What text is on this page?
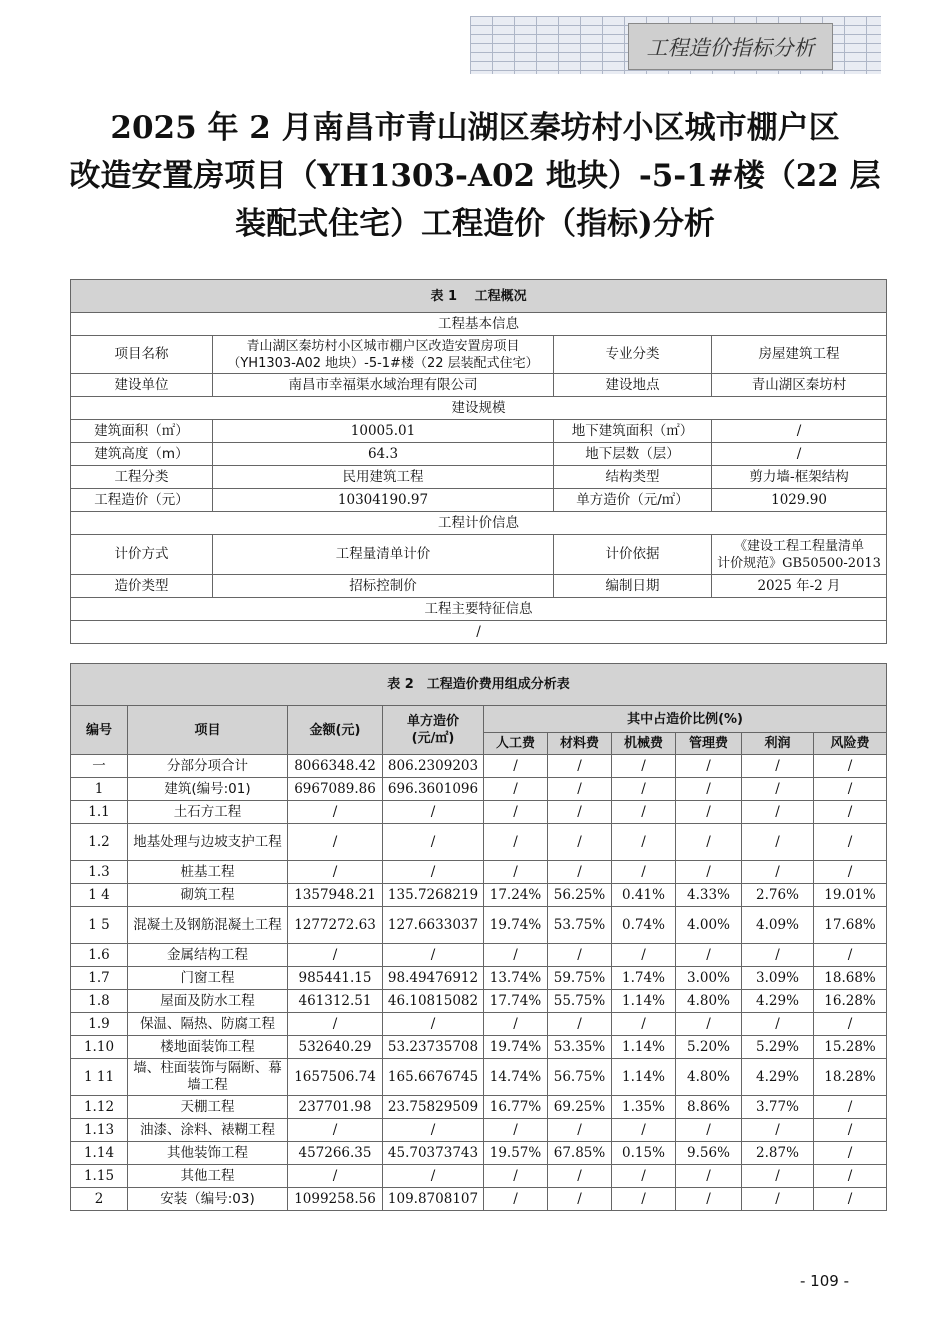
工程造价指标分析
2025 年 2 月南昌市青山湖区秦坊村小区城市棚户区
改造安置房项目（YH1303-A02 地块）-5-1#楼（22 层
装配式住宅）工程造价（指标)分析
表 1　 工程概况			
工程基本信息			
项目名称	青山湖区秦坊村小区城市棚户区改造安置房项目
（YH1303-A02 地块）-5-1#楼（22 层装配式住宅）	专业分类	房屋建筑工程
建设单位	南昌市幸福渠水域治理有限公司	建设地点	青山湖区秦坊村
建设规模			
建筑面积（㎡）	10005.01	地下建筑面积（㎡）	/
建筑高度（m）	64.3	地下层数（层）	/
工程分类	民用建筑工程	结构类型	剪力墙-框架结构
工程造价（元）	10304190.97	单方造价（元/㎡）	1029.90
工程计价信息			
计价方式	工程量清单计价	计价依据	《建设工程工程量清单
计价规范》GB50500-2013

造价类型	招标控制价	编制日期	2025 年-2 月
工程主要特征信息			
/			
表 2　工程造价费用组成分析表									
编号	项目	金额(元)	单方造价
(元/㎡)	其中占造价比例(%)					
				人工费	材料费	机械费	管理费	利润	风险费
一	分部分项合计	8066348.42	806.2309203	/	/	/	/	/	/
1	建筑(编号:01)	6967089.86	696.3601096	/	/	/	/	/	/
1.1	土石方工程	/	/	/	/	/	/	/	/
1.2	地基处理与边坡支护工程	/	/	/	/	/	/	/	/
1.3	桩基工程	/	/	/	/	/	/	/	/
1 4	砌筑工程	1357948.21	135.7268219	17.24%	56.25%	0.41%	4.33%	2.76%	19.01%
1 5	混凝土及钢筋混凝土工程	1277272.63	127.6633037	19.74%	53.75%	0.74%	4.00%	4.09%	17.68%
1.6	金属结构工程	/	/	/	/	/	/	/	/
1.7	门窗工程	985441.15	98.49476912	13.74%	59.75%	1.74%	3.00%	3.09%	18.68%
1.8	屋面及防水工程	461312.51	46.10815082	17.74%	55.75%	1.14%	4.80%	4.29%	16.28%
1.9	保温、隔热、防腐工程	/	/	/	/	/	/	/	/
1.10	楼地面装饰工程	532640.29	53.23735708	19.74%	53.35%	1.14%	5.20%	5.29%	15.28%
1 11	墙、柱面装饰与隔断、幕墙工程	1657506.74	165.6676745	14.74%	56.75%	1.14%	4.80%	4.29%	18.28%
1.12	天棚工程	237701.98	23.75829509	16.77%	69.25%	1.35%	8.86%	3.77%	/
1.13	油漆、涂料、裱糊工程	/	/	/	/	/	/	/	/
1.14	其他装饰工程	457266.35	45.70373743	19.57%	67.85%	0.15%	9.56%	2.87%	/
1.15	其他工程	/	/	/	/	/	/	/	/
2	安装（编号:03)	1099258.56	109.8708107	/	/	/	/	/	/
- 109 -
